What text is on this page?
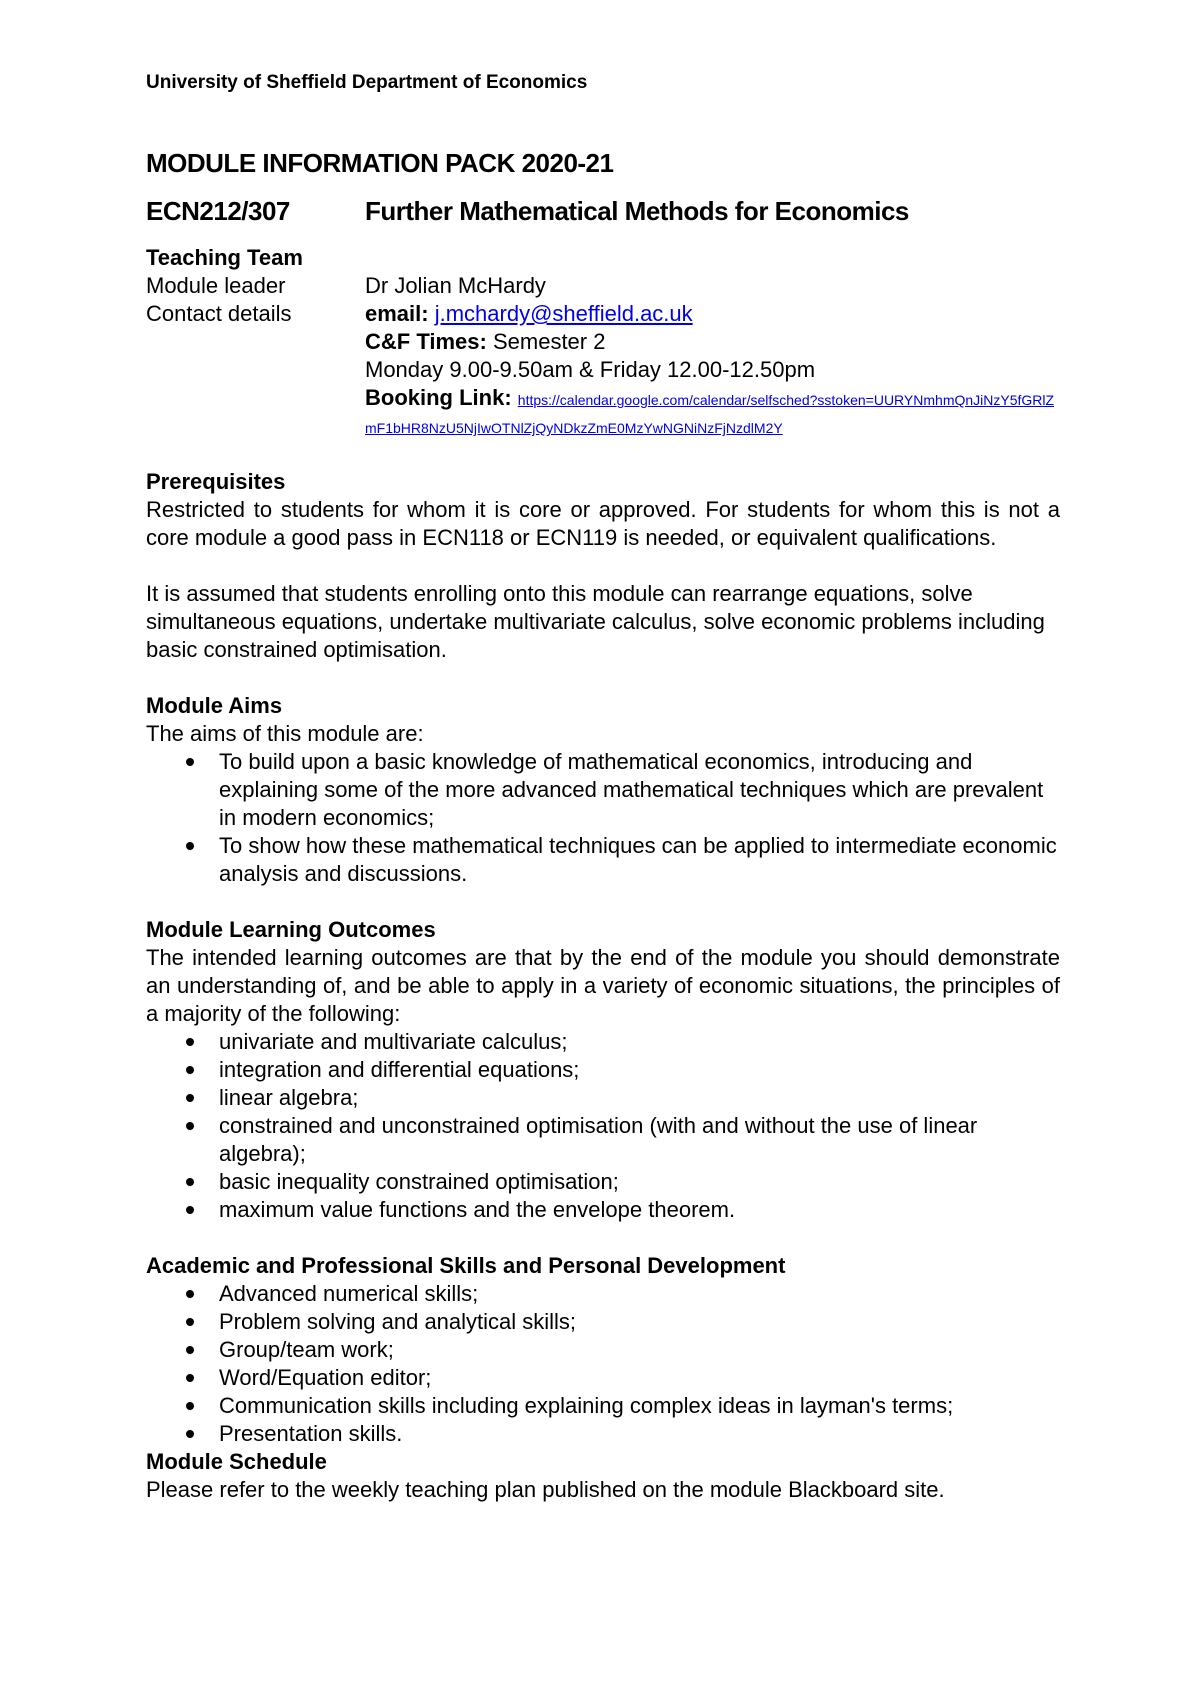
University of Sheffield Department of Economics
MODULE INFORMATION PACK 2020-21
ECN212/307	Further Mathematical Methods for Economics
Teaching Team
Module leader	Dr Jolian McHardy
Contact details	email: j.mchardy@sheffield.ac.uk
C&F Times: Semester 2
Monday 9.00-9.50am & Friday 12.00-12.50pm
Booking Link: https://calendar.google.com/calendar/selfsched?sstoken=UURYNmhmQnJiNzY5fGRlZmF1bHR8NzU5NjIwOTNlZjQyNDkzZmE0MzYwNGNiNzFjNzdlM2Y
Prerequisites
Restricted to students for whom it is core or approved. For students for whom this is not a core module a good pass in ECN118 or ECN119 is needed, or equivalent qualifications.
It is assumed that students enrolling onto this module can rearrange equations, solve simultaneous equations, undertake multivariate calculus, solve economic problems including basic constrained optimisation.
Module Aims
The aims of this module are:
To build upon a basic knowledge of mathematical economics, introducing and explaining some of the more advanced mathematical techniques which are prevalent in modern economics;
To show how these mathematical techniques can be applied to intermediate economic analysis and discussions.
Module Learning Outcomes
The intended learning outcomes are that by the end of the module you should demonstrate an understanding of, and be able to apply in a variety of economic situations, the principles of a majority of the following:
univariate and multivariate calculus;
integration and differential equations;
linear algebra;
constrained and unconstrained optimisation (with and without the use of linear algebra);
basic inequality constrained optimisation;
maximum value functions and the envelope theorem.
Academic and Professional Skills and Personal Development
Advanced numerical skills;
Problem solving and analytical skills;
Group/team work;
Word/Equation editor;
Communication skills including explaining complex ideas in layman's terms;
Presentation skills.
Module Schedule
Please refer to the weekly teaching plan published on the module Blackboard site.
